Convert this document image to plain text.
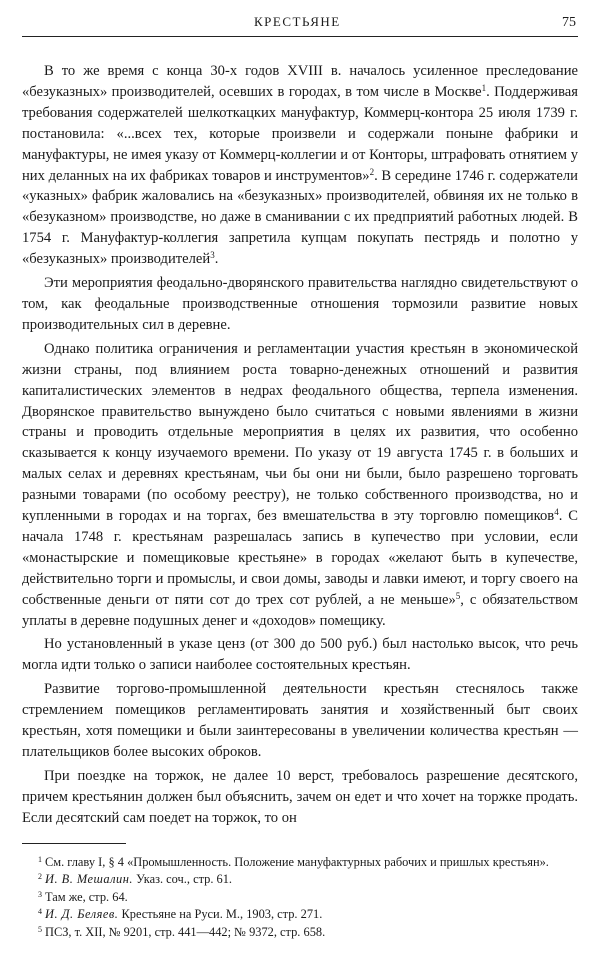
КРЕСТЬЯНЕ	75

В то же время с конца 30-х годов XVIII в. началось усиленное преследование «безуказных» производителей, осевших в городах, в том числе в Москве$^1$. Поддерживая требования содержателей шелкоткацких мануфактур, Коммерц-контора 25 июля 1739 г. постановила: «...всех тех, которые произвели и содержали поныне фабрики и мануфактуры, не имея указу от Коммерц-коллегии и от Конторы, штрафовать отнятием у них деланных на их фабриках товаров и инструментов»$^2$. В середине 1746 г. содержатели «указных» фабрик жаловались на «безуказных» производителей, обвиняя их не только в «безуказном» производстве, но даже в сманивании с их предприятий работных людей. В 1754 г. Мануфактур-коллегия запретила купцам покупать пестрядь и полотно у «безуказных» производителей$^3$.

Эти мероприятия феодально-дворянского правительства наглядно свидетельствуют о том, как феодальные производственные отношения тормозили развитие новых производительных сил в деревне.

Однако политика ограничения и регламентации участия крестьян в экономической жизни страны, под влиянием роста товарно-денежных отношений и развития капиталистических элементов в недрах феодального общества, терпела изменения. Дворянское правительство вынуждено было считаться с новыми явлениями в жизни страны и проводить отдельные мероприятия в целях их развития, что особенно сказывается к концу изучаемого времени. По указу от 19 августа 1745 г. в больших и малых селах и деревнях крестьянам, чьи бы они ни были, было разрешено торговать разными товарами (по особому реестру), не только собственного производства, но и купленными в городах и на торгах, без вмешательства в эту торговлю помещиков$^4$. С начала 1748 г. крестьянам разрешалась запись в купечество при условии, если «монастырские и помещиковые крестьяне» в городах «желают быть в купечестве, действительно торги и промыслы, и свои домы, заводы и лавки имеют, и торгу своего на собственные деньги от пяти сот до трех сот рублей, а не меньше»$^5$, с обязательством уплаты в деревне подушных денег и «доходов» помещику.

Но установленный в указе ценз (от 300 до 500 руб.) был настолько высок, что речь могла идти только о записи наиболее состоятельных крестьян.

Развитие торгово-промышленной деятельности крестьян стеснялось также стремлением помещиков регламентировать занятия и хозяйственный быт своих крестьян, хотя помещики и были заинтересованы в увеличении количества крестьян — плательщиков более высоких оброков.

При поездке на торжок, не далее 10 верст, требовалось разрешение десятского, причем крестьянин должен был объяснить, зачем он едет и что хочет на торжке продать. Если десятский сам поедет на торжок, то он

$^1$ См. главу I, § 4 «Промышленность. Положение мануфактурных рабочих и пришлых крестьян».

$^2$ И. В. Мешалин. Указ. соч., стр. 61.

$^3$ Там же, стр. 64.

$^4$ И. Д. Беляев. Крестьяне на Руси. М., 1903, стр. 271.

$^5$ ПСЗ, т. XII, № 9201, стр. 441—442; № 9372, стр. 658.
